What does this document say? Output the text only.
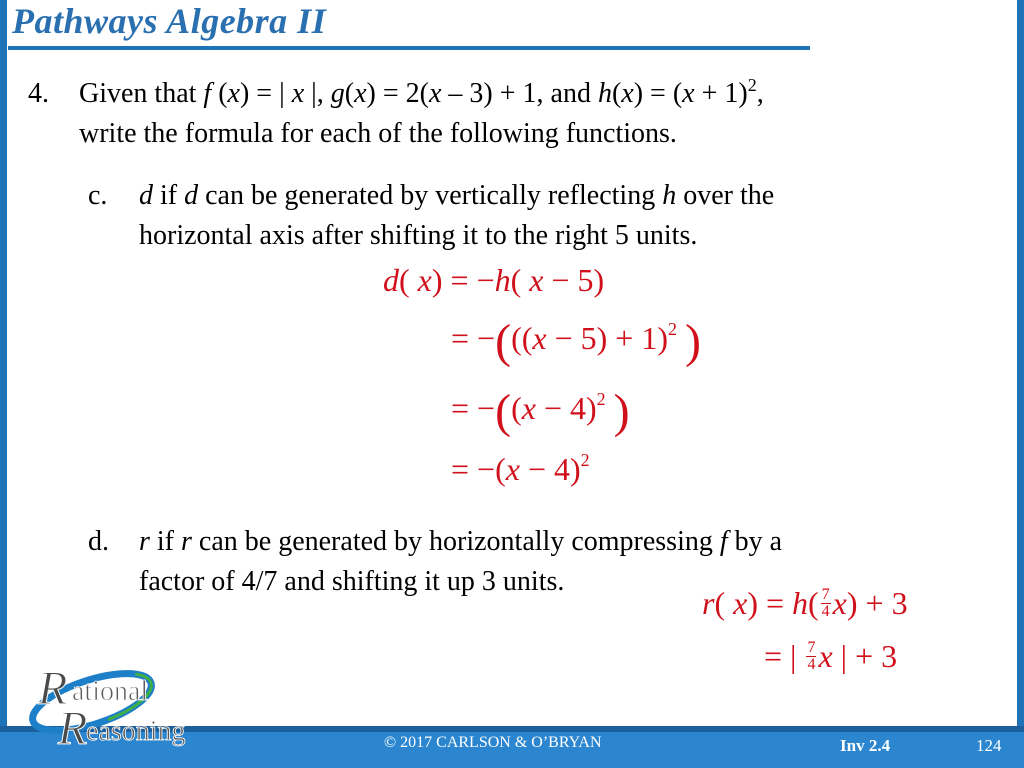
Pathways Algebra II
4. Given that f (x) = | x |, g(x) = 2(x – 3) + 1, and $h(x) = (x + 1)^2$,
write the formula for each of the following functions.
c. d if d can be generated by vertically reflecting h over the
horizontal axis after shifting it to the right 5 units.
d( x) = −h( x − 5)
= $-(((x - 5) + 1)^2$ )
= $-((x - 4)^2$ )
= $-(x - 4)^2$
d. r if r can be generated by horizontally compressing f by a
factor of 4/7 and shifting it up 3 units.
r( $x) = h( \frac{7}{4} x) + 3$
= | $\frac{7}{4}$ x | + 3
© 2017 CARLSON & O’BRYAN	Inv 2.4	124
R ational
R
easoning
